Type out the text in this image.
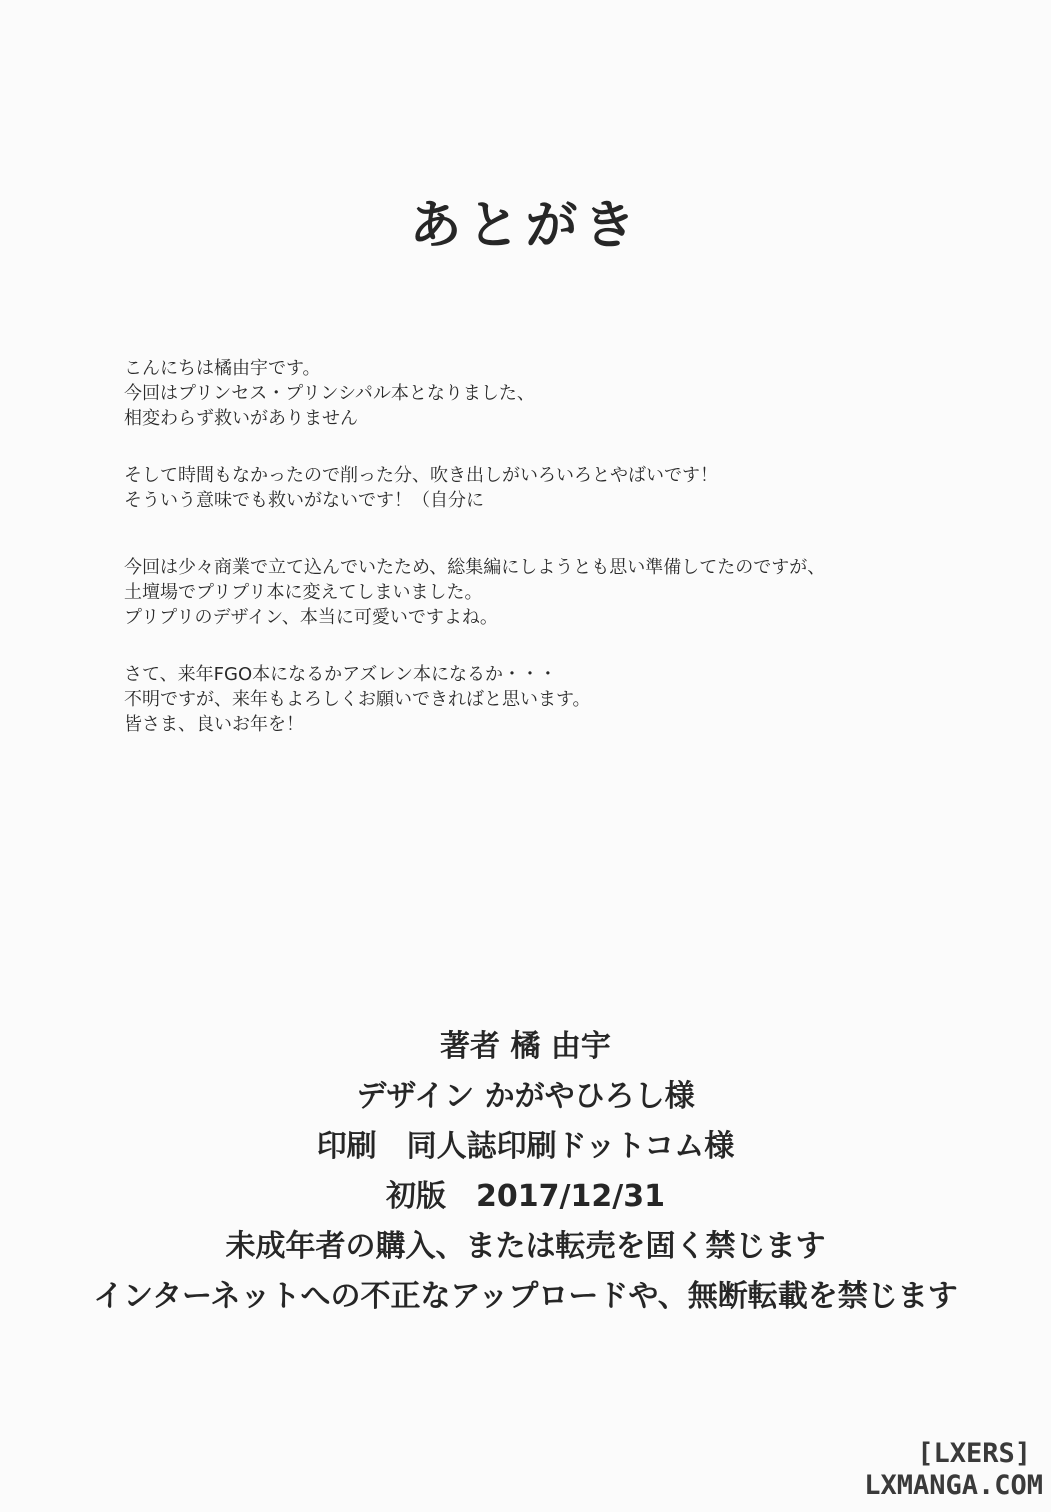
あとがき
こんにちは橘由宇です。
今回はプリンセス・プリンシパル本となりました、
相変わらず救いがありません
そして時間もなかったので削った分、吹き出しがいろいろとやばいです！
そういう意味でも救いがないです！（自分に
今回は少々商業で立て込んでいたため、総集編にしようとも思い準備してたのですが、
土壇場でプリプリ本に変えてしまいました。
プリプリのデザイン、本当に可愛いですよね。
さて、来年FGO本になるかアズレン本になるか・・・
不明ですが、来年もよろしくお願いできればと思います。
皆さま、良いお年を！
著者 橘 由宇
デザイン かがやひろし様
印刷　同人誌印刷ドットコム様
初版　2017/12/31
未成年者の購入、または転売を固く禁じます
インターネットへの不正なアップロードや、無断転載を禁じます
[LXERS]
LXMANGA.COM
